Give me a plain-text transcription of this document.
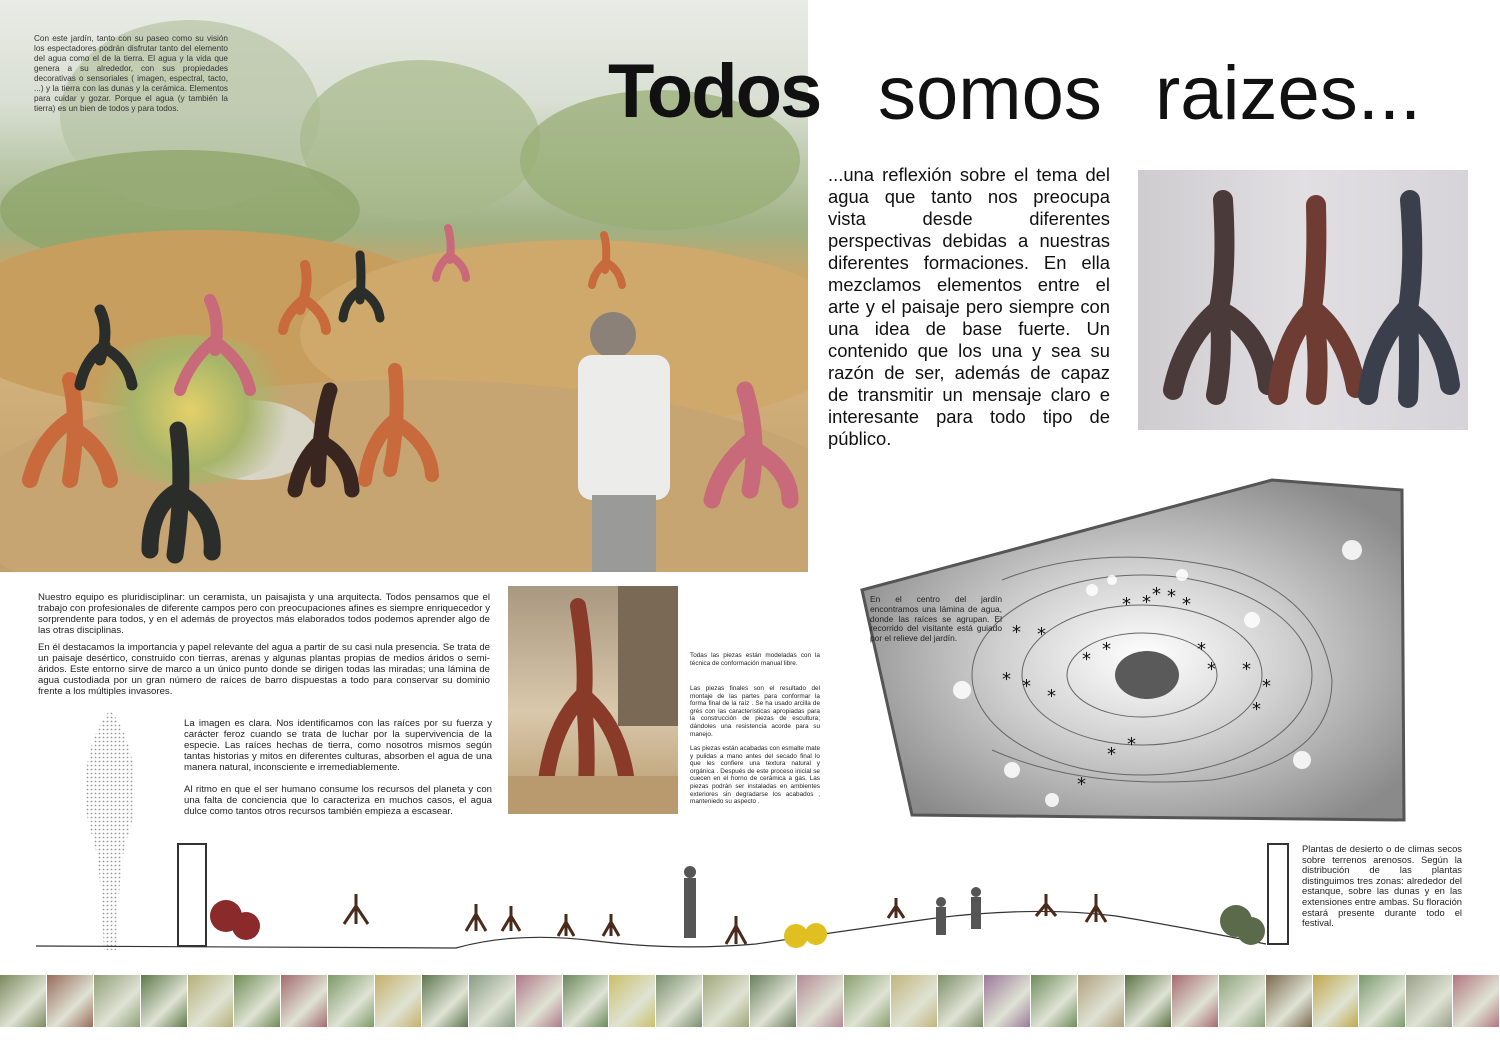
Con este jardín, tanto con su paseo como su visión los espectadores podrán disfrutar tanto del elemento del agua como el de la tierra. El agua y la vida que genera a su alrededor, con sus propiedades decorativas o sensoriales ( imagen, espectral, tacto, ...) y la tierra con las dunas y la cerámica. Elementos para cuidar y gozar. Porque el agua (y también la tierra) es un bien de todos y para todos.	Todos somos raizes...
...una reflexión sobre el tema del agua que tanto nos preocupa vista desde diferentes perspectivas debidas a nuestras diferentes formaciones. En ella mezclamos elementos entre el arte y el paisaje pero siempre con una idea de base fuerte. Un contenido que los una y sea su razón de ser, además de capaz de transmitir un mensaje claro e interesante para todo tipo de público.
Nuestro equipo es pluridisciplinar: un ceramista, un paisajista y una arquitecta. Todos pensamos que el trabajo con profesionales de diferente campos pero con preocupaciones afines es siempre enriquecedor y sorprendente para todos, y en el además de proyectos más elaborados todos podemos aprender algo de las otras disciplinas.
En él destacamos la importancia y papel relevante del agua a partir de su casi nula presencia. Se trata de un paisaje desértico, construido con tierras, arenas y algunas plantas propias de medios áridos o semi-áridos. Este entorno sirve de marco a un único punto donde se dirigen todas las miradas; una lámina de agua custodiada por un gran número de raíces de barro dispuestas a todo para conservar su dominio frente a los múltiples invasores.
La imagen es clara. Nos identificamos con las raíces por su fuerza y carácter feroz cuando se trata de luchar por la supervivencia de la especie. Las raíces hechas de tierra, como nosotros mismos según tantas historias y mitos en diferentes culturas, absorben el agua de una manera natural, inconsciente e irremediablemente.
Al ritmo en que el ser humano consume los recursos del planeta y con una falta de conciencia que lo caracteriza en muchos casos, el agua dulce como tantos otros recursos también empieza a escasear.
Todas las piezas están modeladas con la técnica de conformación manual libre.
Las piezas finales son el resultado del montaje de las partes para conformar la forma final de la raíz . Se ha usado arcilla de grés con las características apropiadas para la construcción de piezas de escultura; dándoles una resistencia acorde para su manejo.
Las piezas están acabadas con esmalte mate y pulidas a mano antes del secado final lo que les confiere una textura natural y orgánica . Después de este proceso inicial se cuecen en el horno de cerámica a gas. Las piezas podrán ser instaladas en ambientes exteriores sin degradarse los acabados , manteniedo su aspecto .
* * * *
* *	*
*
* * *
*
*
*
* *
* *
*
*
En el centro del jardín encontramos una lámina de agua, donde las raíces se agrupan. El recorrido del visitante está guiado por el relieve del jardín.
Plantas de desierto o de climas secos sobre terrenos arenosos. Según la distribución de las plantas distinguimos tres zonas: alrededor del estanque, sobre las dunas y en las extensiones entre ambas. Su floración estará presente durante todo el festival.
